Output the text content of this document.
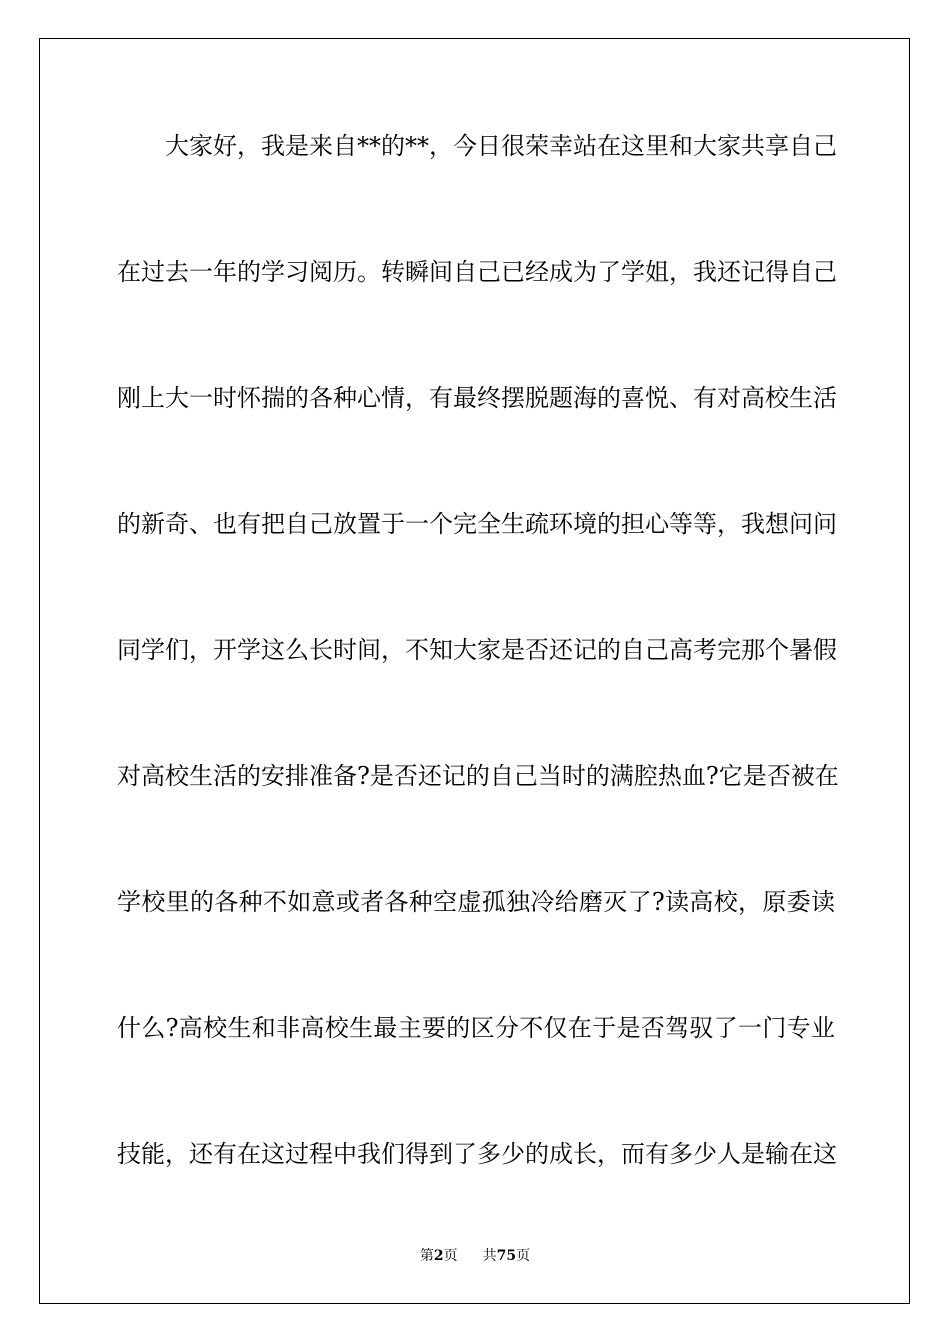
大家好，我是来自**的**，今日很荣幸站在这里和大家共享自己
在过去一年的学习阅历。转瞬间自己已经成为了学姐，我还记得自己
刚上大一时怀揣的各种心情，有最终摆脱题海的喜悦、有对高校生活
的新奇、也有把自己放置于一个完全生疏环境的担心等等，我想问问
同学们，开学这么长时间，不知大家是否还记的自己高考完那个暑假
对高校生活的安排准备?是否还记的自己当时的满腔热血?它是否被在
学校里的各种不如意或者各种空虚孤独冷给磨灭了?读高校，原委读
什么?高校生和非高校生最主要的区分不仅在于是否驾驭了一门专业
技能，还有在这过程中我们得到了多少的成长，而有多少人是输在这
第2页 共75页
